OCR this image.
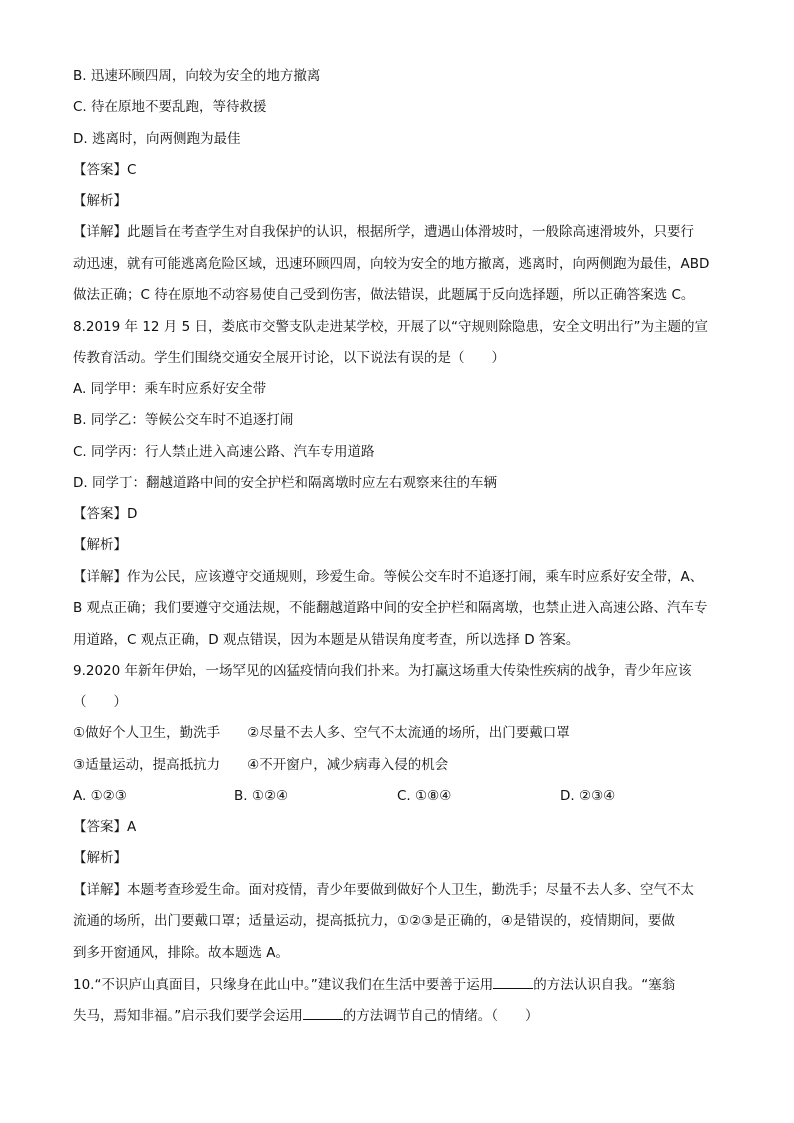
B. 迅速环顾四周，向较为安全的地方撤离
C. 待在原地不要乱跑，等待救援
D. 逃离时，向两侧跑为最佳
【答案】C
【解析】
【详解】此题旨在考查学生对自我保护的认识，根据所学，遭遇山体滑坡时，一般除高速滑坡外，只要行
动迅速，就有可能逃离危险区域，迅速环顾四周，向较为安全的地方撤离，逃离时，向两侧跑为最佳，ABD
做法正确；C 待在原地不动容易使自己受到伤害，做法错误，此题属于反向选择题，所以正确答案选 C。
8.2019 年 12 月 5 日，娄底市交警支队走进某学校，开展了以“守规则除隐患，安全文明出行”为主题的宣
传教育活动。学生们围绕交通安全展开讨论，以下说法有误的是（　　）
A. 同学甲：乘车时应系好安全带
B. 同学乙：等候公交车时不追逐打闹
C. 同学丙：行人禁止进入高速公路、汽车专用道路
D. 同学丁：翻越道路中间的安全护栏和隔离墩时应左右观察来往的车辆
【答案】D
【解析】
【详解】作为公民，应该遵守交通规则，珍爱生命。等候公交车时不追逐打闹，乘车时应系好安全带，A、
B 观点正确；我们要遵守交通法规，不能翻越道路中间的安全护栏和隔离墩，也禁止进入高速公路、汽车专
用道路，C 观点正确，D 观点错误，因为本题是从错误角度考查，所以选择 D 答案。
9.2020 年新年伊始，一场罕见的凶猛疫情向我们扑来。为打赢这场重大传染性疾病的战争，青少年应该
（　　）
①做好个人卫生，勤洗手　　②尽量不去人多、空气不太流通的场所，出门要戴口罩
③适量运动，提高抵抗力　　④不开窗户，减少病毒入侵的机会
A. ①②③	B. ①②④	C. ①⑧④	D. ②③④
【答案】A
【解析】
【详解】本题考查珍爱生命。面对疫情，青少年要做到做好个人卫生，勤洗手；尽量不去人多、空气不太
流通的场所，出门要戴口罩；适量运动，提高抵抗力，①②③是正确的，④是错误的，疫情期间，要做
到多开窗通风，排除。故本题选 A。
10.“不识庐山真面目，只缘身在此山中。”建议我们在生活中要善于运用	的方法认识自我。“塞翁
失马，焉知非福。”启示我们要学会运用	的方法调节自己的情绪。（　　）
